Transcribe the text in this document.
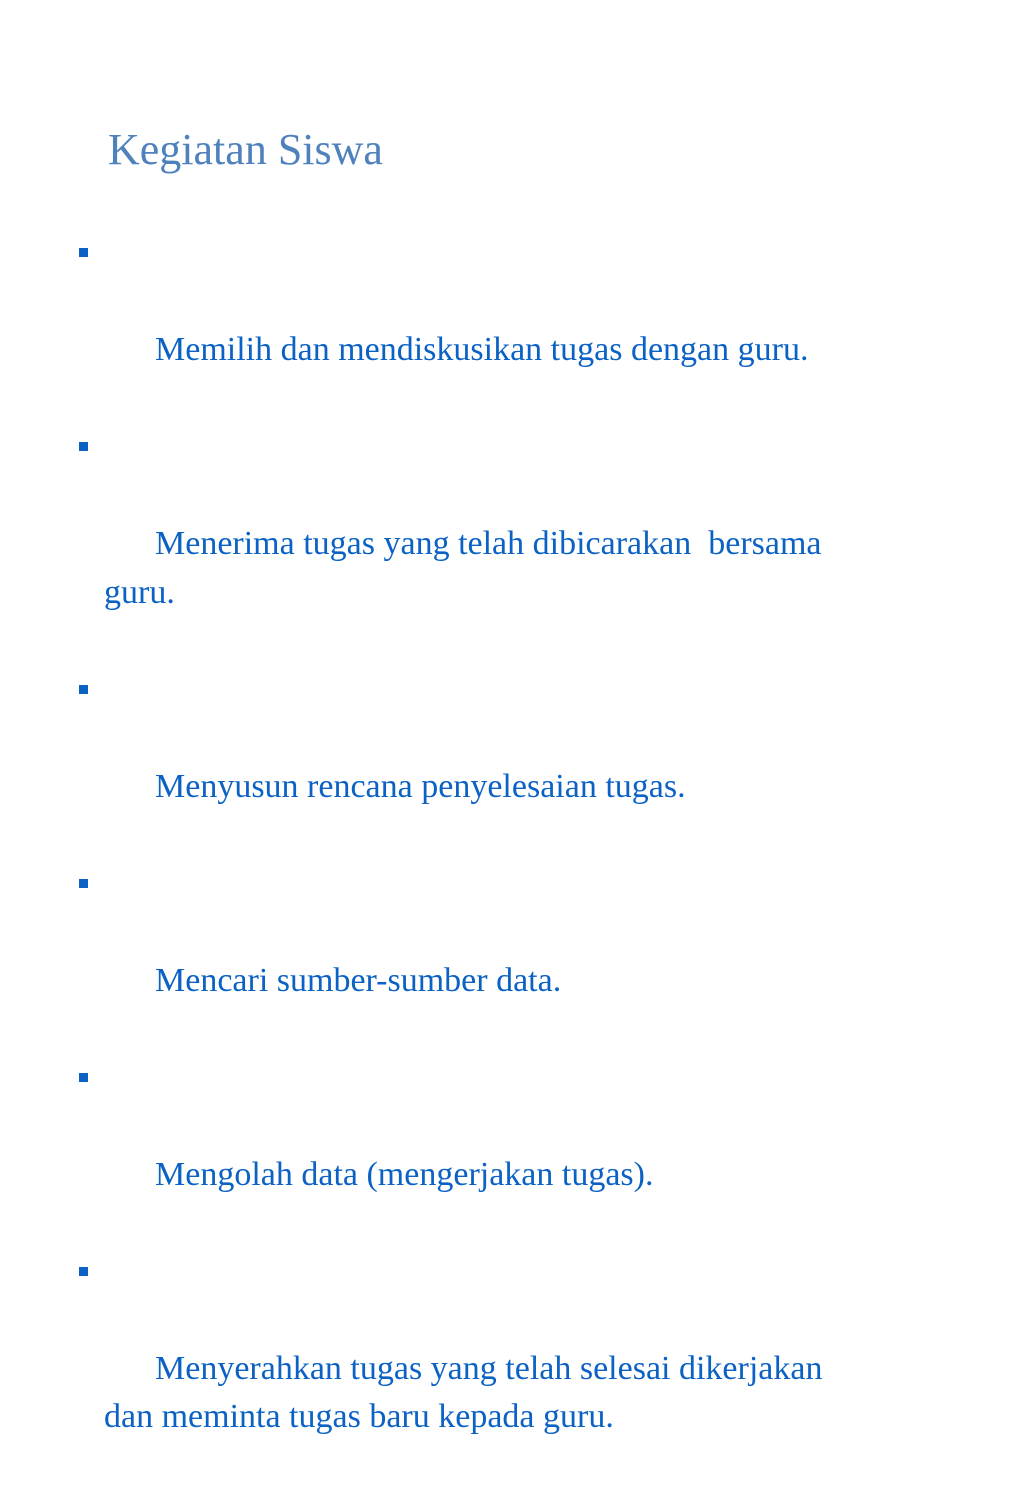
Kegiatan Siswa

Memilih dan mendiskusikan tugas dengan guru.

Menerima tugas yang telah dibicarakan  bersama
guru.

Menyusun rencana penyelesaian tugas.

Mencari sumber-sumber data.

Mengolah data (mengerjakan tugas).

Menyerahkan tugas yang telah selesai dikerjakan
dan meminta tugas baru kepada guru.
